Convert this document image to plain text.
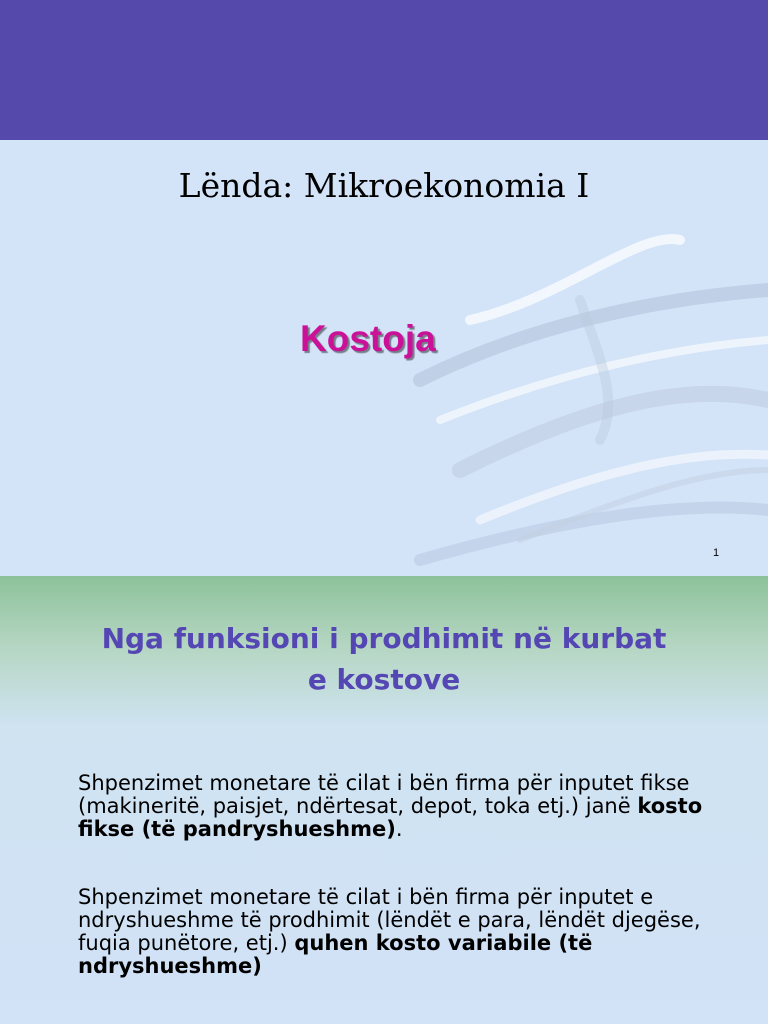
Lënda: Mikroekonomia I
Kostoja
1
Nga funksioni i prodhimit në kurbat
e kostove

Shpenzimet monetare të cilat i bën firma për inputet fikse (makineritë, paisjet, ndërtesat, depot, toka etj.) janë kosto fikse (të pandryshueshme).

Shpenzimet monetare të cilat i bën firma për inputet e ndryshueshme të prodhimit (lëndët e para, lëndët djegëse, fuqia punëtore, etj.) quhen kosto variabile (të ndryshueshme)
